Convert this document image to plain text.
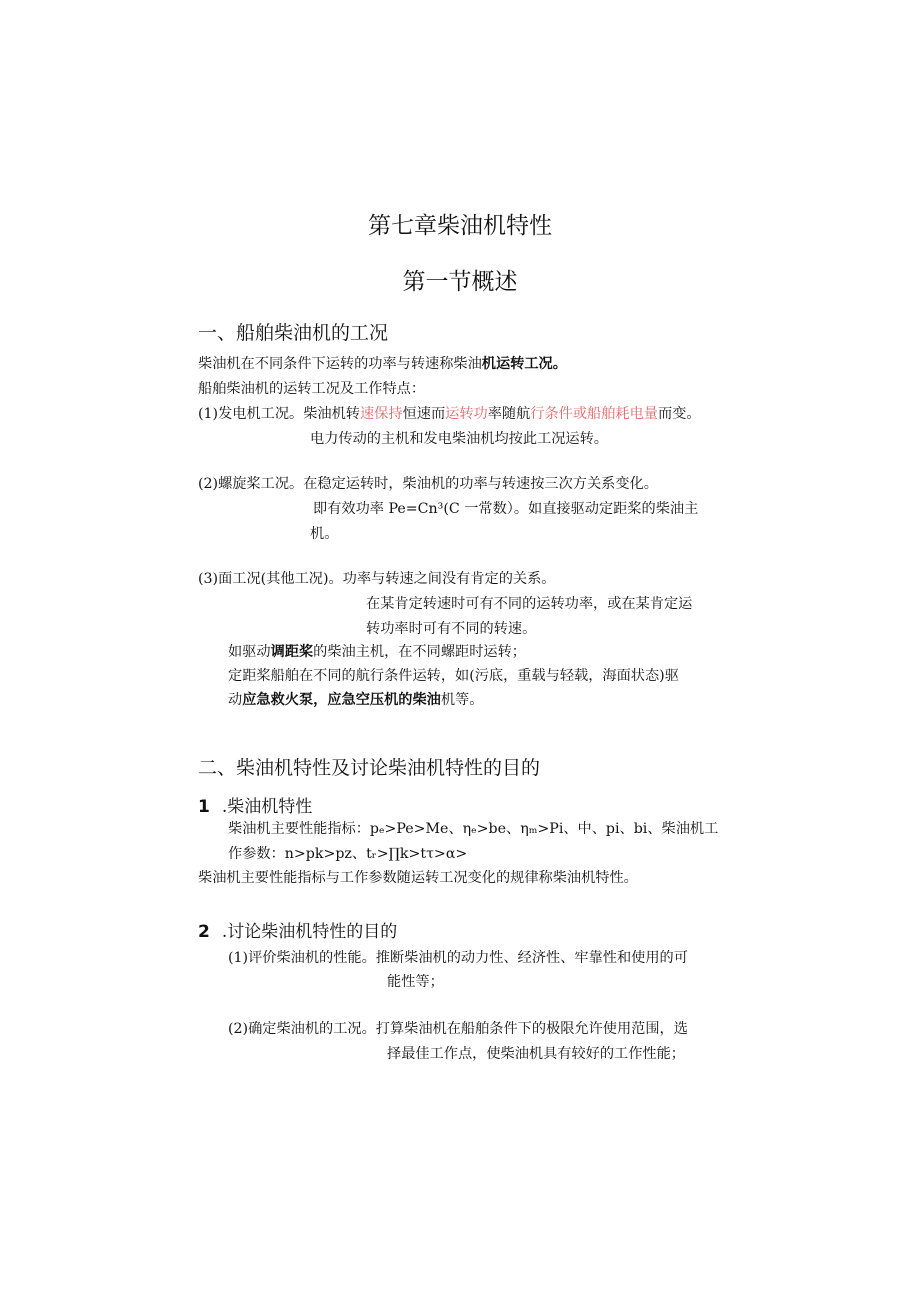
第七章柴油机特性
第一节概述
一、船舶柴油机的工况
柴油机在不同条件下运转的功率与转速称柴油机运转工况。
船舶柴油机的运转工况及工作特点：
(1)发电机工况。柴油机转速保持恒速而运转功率随航行条件或船舶耗电量而变。
电力传动的主机和发电柴油机均按此工况运转。
(2)螺旋桨工况。在稳定运转时，柴油机的功率与转速按三次方关系变化。
即有效功率 Pe=Cn³(C 一常数）。如直接驱动定距桨的柴油主
机。
(3)面工况(其他工况)。功率与转速之间没有肯定的关系。
在某肯定转速时可有不同的运转功率，或在某肯定运
转功率时可有不同的转速。
如驱动调距桨的柴油主机，在不同螺距时运转；
定距桨船舶在不同的航行条件运转，如(污底，重载与轻载，海面状态)驱
动应急救火泵，应急空压机的柴油机等。
二、柴油机特性及讨论柴油机特性的目的
1 .柴油机特性
柴油机主要性能指标：pₑ>Pe>Me、ηₑ>be、ηₘ>Pi、中、pi、bi、柴油机工
作参数：n>pk>pz、tᵣ>∏k>tτ>α>
柴油机主要性能指标与工作参数随运转工况变化的规律称柴油机特性。
2 .讨论柴油机特性的目的
(1)评价柴油机的性能。推断柴油机的动力性、经济性、牢靠性和使用的可
能性等；
(2)确定柴油机的工况。打算柴油机在船舶条件下的极限允许使用范围，选
择最佳工作点，使柴油机具有较好的工作性能；
